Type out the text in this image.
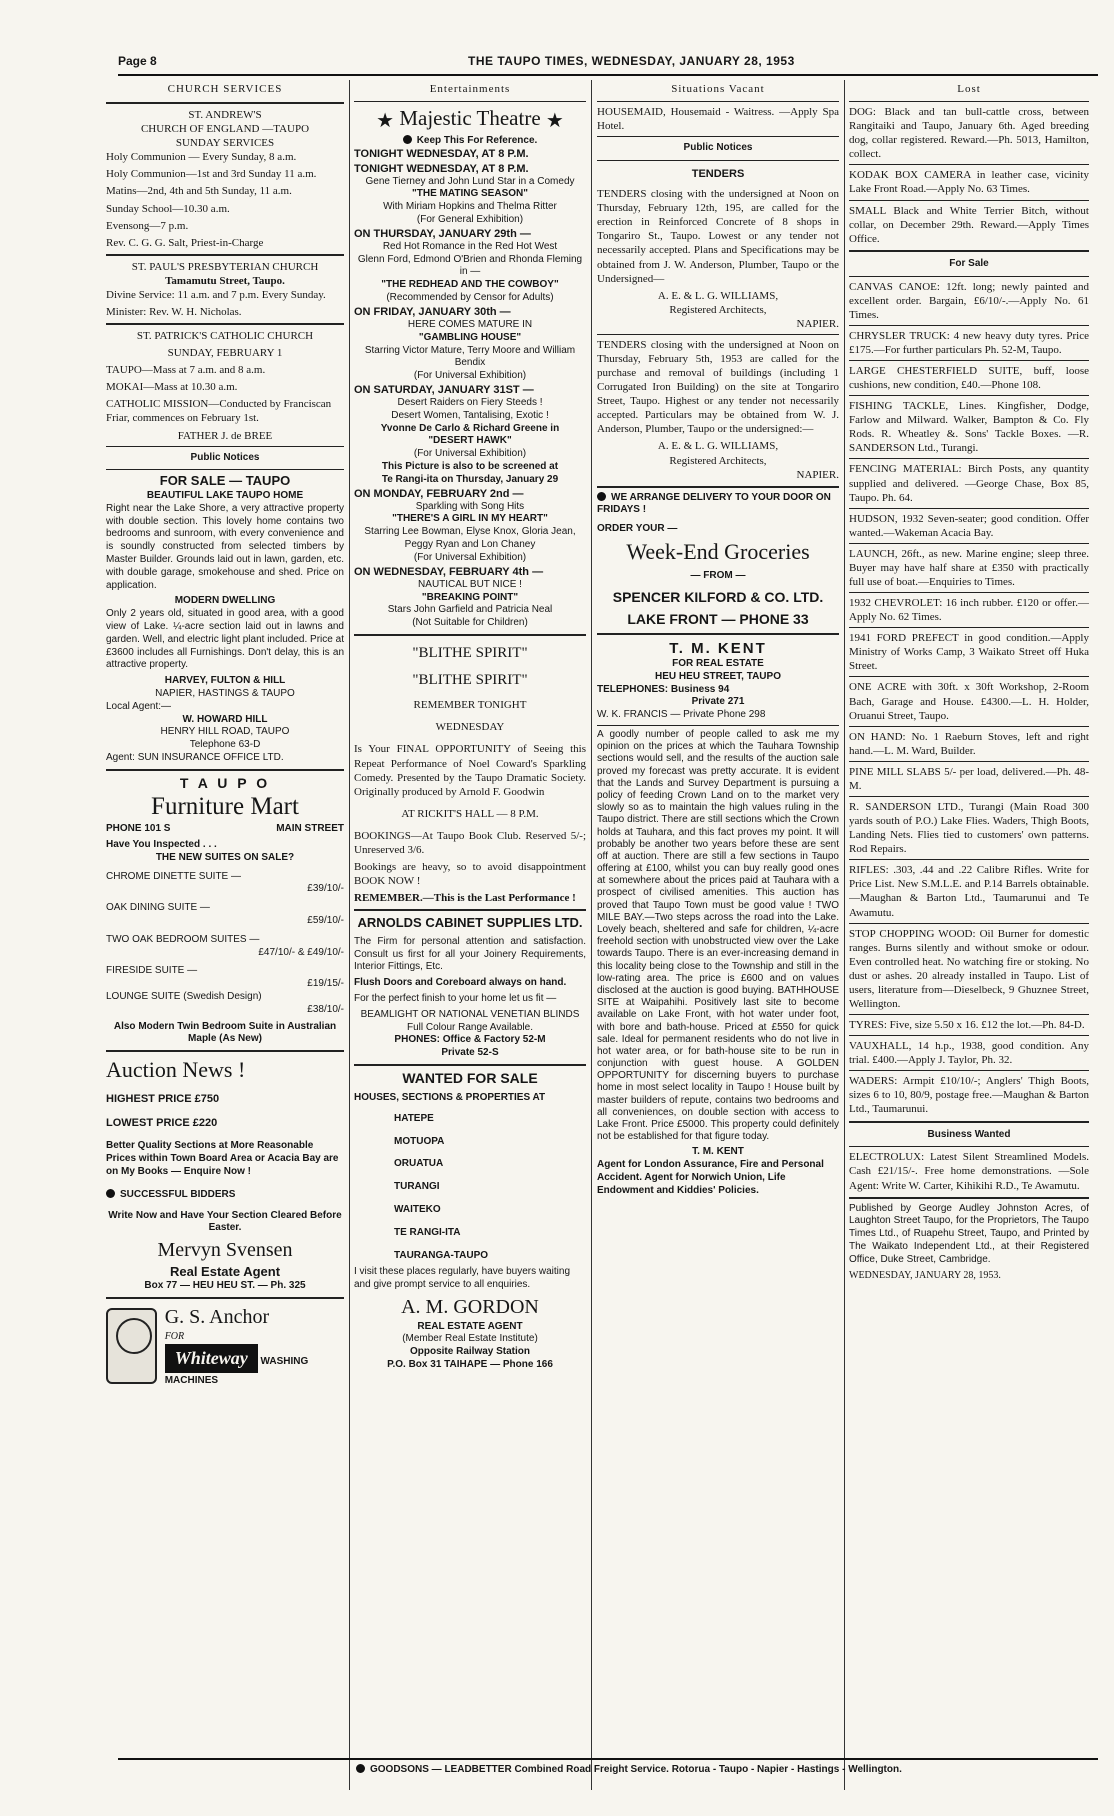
Page 8	THE TAUPO TIMES, WEDNESDAY, JANUARY 28, 1953
CHURCH SERVICES
ST. ANDREW'S
CHURCH OF ENGLAND —TAUPO
SUNDAY SERVICES

Holy Communion — Every Sunday, 8 a.m.

Holy Communion—1st and 3rd Sunday 11 a.m.

Matins—2nd, 4th and 5th Sunday, 11 a.m.

Sunday School—10.30 a.m.

Evensong—7 p.m.

Rev. C. G. G. Salt, Priest-in-Charge

ST. PAUL'S PRESBYTERIAN CHURCH
Tamamutu Street, Taupo.

Divine Service: 11 a.m. and 7 p.m. Every Sunday.

Minister: Rev. W. H. Nicholas.

ST. PATRICK'S CATHOLIC CHURCH
SUNDAY, FEBRUARY 1

TAUPO—Mass at 7 a.m. and 8 a.m.

MOKAI—Mass at 10.30 a.m.

CATHOLIC MISSION—Conducted by Franciscan Friar, commences on February 1st.

FATHER J. de BREE
Public Notices
FOR SALE — TAUPO
BEAUTIFUL LAKE TAUPO HOME

Right near the Lake Shore, a very attractive property with double section. This lovely home contains two bedrooms and sunroom, with every convenience and is soundly constructed from selected timbers by Master Builder. Grounds laid out in lawn, garden, etc. with double garage, smokehouse and shed. Price on application.

MODERN DWELLING

Only 2 years old, situated in good area, with a good view of Lake. ¼-acre section laid out in lawns and garden. Well, and electric light plant included. Price at £3600 includes all Furnishings. Don't delay, this is an attractive property.

HARVEY, FULTON & HILL
NAPIER, HASTINGS & TAUPO
Local Agent:—
W. HOWARD HILL
HENRY HILL ROAD, TAUPO
Telephone 63-D
Agent: SUN INSURANCE OFFICE LTD.
T A U P O
Furniture Mart
PHONE 101 S	MAIN STREET
Have You Inspected . . .
THE NEW SUITES ON SALE?
CHROME DINETTE SUITE —
£39/10/-
OAK DINING SUITE —
£59/10/-
TWO OAK BEDROOM SUITES —
£47/10/- & £49/10/-
FIRESIDE SUITE —
£19/15/-
LOUNGE SUITE (Swedish Design)
£38/10/-
Also Modern Twin Bedroom Suite in Australian Maple (As New)
Auction News !
HIGHEST PRICE £750
LOWEST PRICE £220

Better Quality Sections at More Reasonable Prices within Town Board Area or Acacia Bay are on My Books — Enquire Now !

SUCCESSFUL BIDDERS

Write Now and Have Your Section Cleared Before Easter.

Mervyn Svensen
Real Estate Agent
Box 77 — HEU HEU ST. — Ph. 325
G. S. Anchor
FOR
Whiteway WASHING MACHINES
Entertainments
★ Majestic Theatre ★
Keep This For Reference.
TONIGHT WEDNESDAY, AT 8 P.M.
TONIGHT WEDNESDAY, AT 8 P.M.
Gene Tierney and John Lund Star in a Comedy
"THE MATING SEASON"
With Miriam Hopkins and Thelma Ritter
(For General Exhibition)
ON THURSDAY, JANUARY 29th —
Red Hot Romance in the Red Hot West
Glenn Ford, Edmond O'Brien and Rhonda Fleming in —
"THE REDHEAD AND THE COWBOY"
(Recommended by Censor for Adults)
ON FRIDAY, JANUARY 30th —
HERE COMES MATURE IN
"GAMBLING HOUSE"
Starring Victor Mature, Terry Moore and William Bendix
(For Universal Exhibition)
ON SATURDAY, JANUARY 31ST —
Desert Raiders on Fiery Steeds !
Desert Women, Tantalising, Exotic !
Yvonne De Carlo & Richard Greene in
"DESERT HAWK"
(For Universal Exhibition)
This Picture is also to be screened at
Te Rangi-ita on Thursday, January 29
ON MONDAY, FEBRUARY 2nd —
Sparkling with Song Hits
"THERE'S A GIRL IN MY HEART"
Starring Lee Bowman, Elyse Knox, Gloria Jean, Peggy Ryan and Lon Chaney
(For Universal Exhibition)
ON WEDNESDAY, FEBRUARY 4th —
NAUTICAL BUT NICE !
"BREAKING POINT"
Stars John Garfield and Patricia Neal
(Not Suitable for Children)
"BLITHE SPIRIT"
"BLITHE SPIRIT"
REMEMBER TONIGHT
WEDNESDAY

Is Your FINAL OPPORTUNITY of Seeing this Repeat Performance of Noel Coward's Sparkling Comedy. Presented by the Taupo Dramatic Society. Originally produced by Arnold F. Goodwin

AT RICKIT'S HALL — 8 P.M.

BOOKINGS—At Taupo Book Club. Reserved 5/-; Unreserved 3/6.

Bookings are heavy, so to avoid disappointment BOOK NOW !

REMEMBER.—This is the Last Performance !

ARNOLDS CABINET SUPPLIES LTD.

The Firm for personal attention and satisfaction. Consult us first for all your Joinery Requirements, Interior Fittings, Etc.

Flush Doors and Coreboard always on hand.

For the perfect finish to your home let us fit —

BEAMLIGHT OR NATIONAL VENETIAN BLINDS
Full Colour Range Available.
PHONES: Office & Factory 52-M
Private 52-S
WANTED FOR SALE
HOUSES, SECTIONS & PROPERTIES AT
HATEPE
MOTUOPA
ORUATUA
TURANGI
WAITEKO
TE RANGI-ITA
TAURANGA-TAUPO

I visit these places regularly, have buyers waiting and give prompt service to all enquiries.

A. M. GORDON
REAL ESTATE AGENT
(Member Real Estate Institute)
Opposite Railway Station
P.O. Box 31 TAIHAPE — Phone 166
Situations Vacant

HOUSEMAID, Housemaid - Waitress. —Apply Spa Hotel.

Public Notices
TENDERS

TENDERS closing with the undersigned at Noon on Thursday, February 12th, 195, are called for the erection in Reinforced Concrete of 8 shops in Tongariro St., Taupo. Lowest or any tender not necessarily accepted. Plans and Specifications may be obtained from J. W. Anderson, Plumber, Taupo or the Undersigned—

A. E. & L. G. WILLIAMS,
Registered Architects,
NAPIER.

TENDERS closing with the undersigned at Noon on Thursday, February 5th, 1953 are called for the purchase and removal of buildings (including 1 Corrugated Iron Building) on the site at Tongariro Street, Taupo. Highest or any tender not necessarily accepted. Particulars may be obtained from W. J. Anderson, Plumber, Taupo or the undersigned:—

A. E. & L. G. WILLIAMS,
Registered Architects,
NAPIER.
WE ARRANGE DELIVERY TO YOUR DOOR ON FRIDAYS !
ORDER YOUR —
Week-End Groceries
— FROM —
SPENCER KILFORD & CO. LTD.
LAKE FRONT — PHONE 33
T. M. KENT
FOR REAL ESTATE
HEU HEU STREET, TAUPO
TELEPHONES: Business 94
Private 271
W. K. FRANCIS — Private Phone 298

A goodly number of people called to ask me my opinion on the prices at which the Tauhara Township sections would sell, and the results of the auction sale proved my forecast was pretty accurate. It is evident that the Lands and Survey Department is pursuing a policy of feeding Crown Land on to the market very slowly so as to maintain the high values ruling in the Taupo district. There are still sections which the Crown holds at Tauhara, and this fact proves my point. It will probably be another two years before these are sent off at auction. There are still a few sections in Taupo offering at £100, whilst you can buy really good ones at somewhere about the prices paid at Tauhara with a prospect of civilised amenities. This auction has proved that Taupo Town must be good value ! TWO MILE BAY.—Two steps across the road into the Lake. Lovely beach, sheltered and safe for children, ¼-acre freehold section with unobstructed view over the Lake towards Taupo. There is an ever-increasing demand in this locality being close to the Township and still in the low-rating area. The price is £600 and on values disclosed at the auction is good buying. BATHHOUSE SITE at Waipahihi. Positively last site to become available on Lake Front, with hot water under foot, with bore and bath-house. Priced at £550 for quick sale. Ideal for permanent residents who do not live in hot water area, or for bath-house site to be run in conjunction with guest house. A GOLDEN OPPORTUNITY for discerning buyers to purchase home in most select locality in Taupo ! House built by master builders of repute, contains two bedrooms and all conveniences, on double section with access to Lake Front. Price £5000. This property could definitely not be established for that figure today.

T. M. KENT

Agent for London Assurance, Fire and Personal Accident. Agent for Norwich Union, Life Endowment and Kiddies' Policies.

Lost

DOG: Black and tan bull-cattle cross, between Rangitaiki and Taupo, January 6th. Aged breeding dog, collar registered. Reward.—Ph. 5013, Hamilton, collect.

KODAK BOX CAMERA in leather case, vicinity Lake Front Road.—Apply No. 63 Times.

SMALL Black and White Terrier Bitch, without collar, on December 29th. Reward.—Apply Times Office.

For Sale

CANVAS CANOE: 12ft. long; newly painted and excellent order. Bargain, £6/10/-.—Apply No. 61 Times.

CHRYSLER TRUCK: 4 new heavy duty tyres. Price £175.—For further particulars Ph. 52-M, Taupo.

LARGE CHESTERFIELD SUITE, buff, loose cushions, new condition, £40.—Phone 108.

FISHING TACKLE, Lines. Kingfisher, Dodge, Farlow and Milward. Walker, Bampton & Co. Fly Rods. R. Wheatley &. Sons' Tackle Boxes. —R. SANDERSON Ltd., Turangi.

FENCING MATERIAL: Birch Posts, any quantity supplied and delivered. —George Chase, Box 85, Taupo. Ph. 64.

HUDSON, 1932 Seven-seater; good condition. Offer wanted.—Wakeman Acacia Bay.

LAUNCH, 26ft., as new. Marine engine; sleep three. Buyer may have half share at £350 with practically full use of boat.—Enquiries to Times.

1932 CHEVROLET: 16 inch rubber. £120 or offer.—Apply No. 62 Times.

1941 FORD PREFECT in good condition.—Apply Ministry of Works Camp, 3 Waikato Street off Huka Street.

ONE ACRE with 30ft. x 30ft Workshop, 2-Room Bach, Garage and House. £4300.—L. H. Holder, Oruanui Street, Taupo.

ON HAND: No. 1 Raeburn Stoves, left and right hand.—L. M. Ward, Builder.

PINE MILL SLABS 5/- per load, delivered.—Ph. 48-M.

R. SANDERSON LTD., Turangi (Main Road 300 yards south of P.O.) Lake Flies. Waders, Thigh Boots, Landing Nets. Flies tied to customers' own patterns. Rod Repairs.

RIFLES: .303, .44 and .22 Calibre Rifles. Write for Price List. New S.M.L.E. and P.14 Barrels obtainable.—Maughan & Barton Ltd., Taumarunui and Te Awamutu.

STOP CHOPPING WOOD: Oil Burner for domestic ranges. Burns silently and without smoke or odour. Even controlled heat. No watching fire or stoking. No dust or ashes. 20 already installed in Taupo. List of users, literature from—Dieselbeck, 9 Ghuznee Street, Wellington.

TYRES: Five, size 5.50 x 16. £12 the lot.—Ph. 84-D.

VAUXHALL, 14 h.p., 1938, good condition. Any trial. £400.—Apply J. Taylor, Ph. 32.

WADERS: Armpit £10/10/-; Anglers' Thigh Boots, sizes 6 to 10, 80/9, postage free.—Maughan & Barton Ltd., Taumarunui.

Business Wanted

ELECTROLUX: Latest Silent Streamlined Models. Cash £21/15/-. Free home demonstrations. —Sole Agent: Write W. Carter, Kihikihi R.D., Te Awamutu.

Published by George Audley Johnston Acres, of Laughton Street Taupo, for the Proprietors, The Taupo Times Ltd., of Ruapehu Street, Taupo, and Printed by The Waikato Independent Ltd., at their Registered Office, Duke Street, Cambridge.

WEDNESDAY, JANUARY 28, 1953.
GOODSONS — LEADBETTER Combined Road Freight Service. Rotorua - Taupo - Napier - Hastings - Wellington.
